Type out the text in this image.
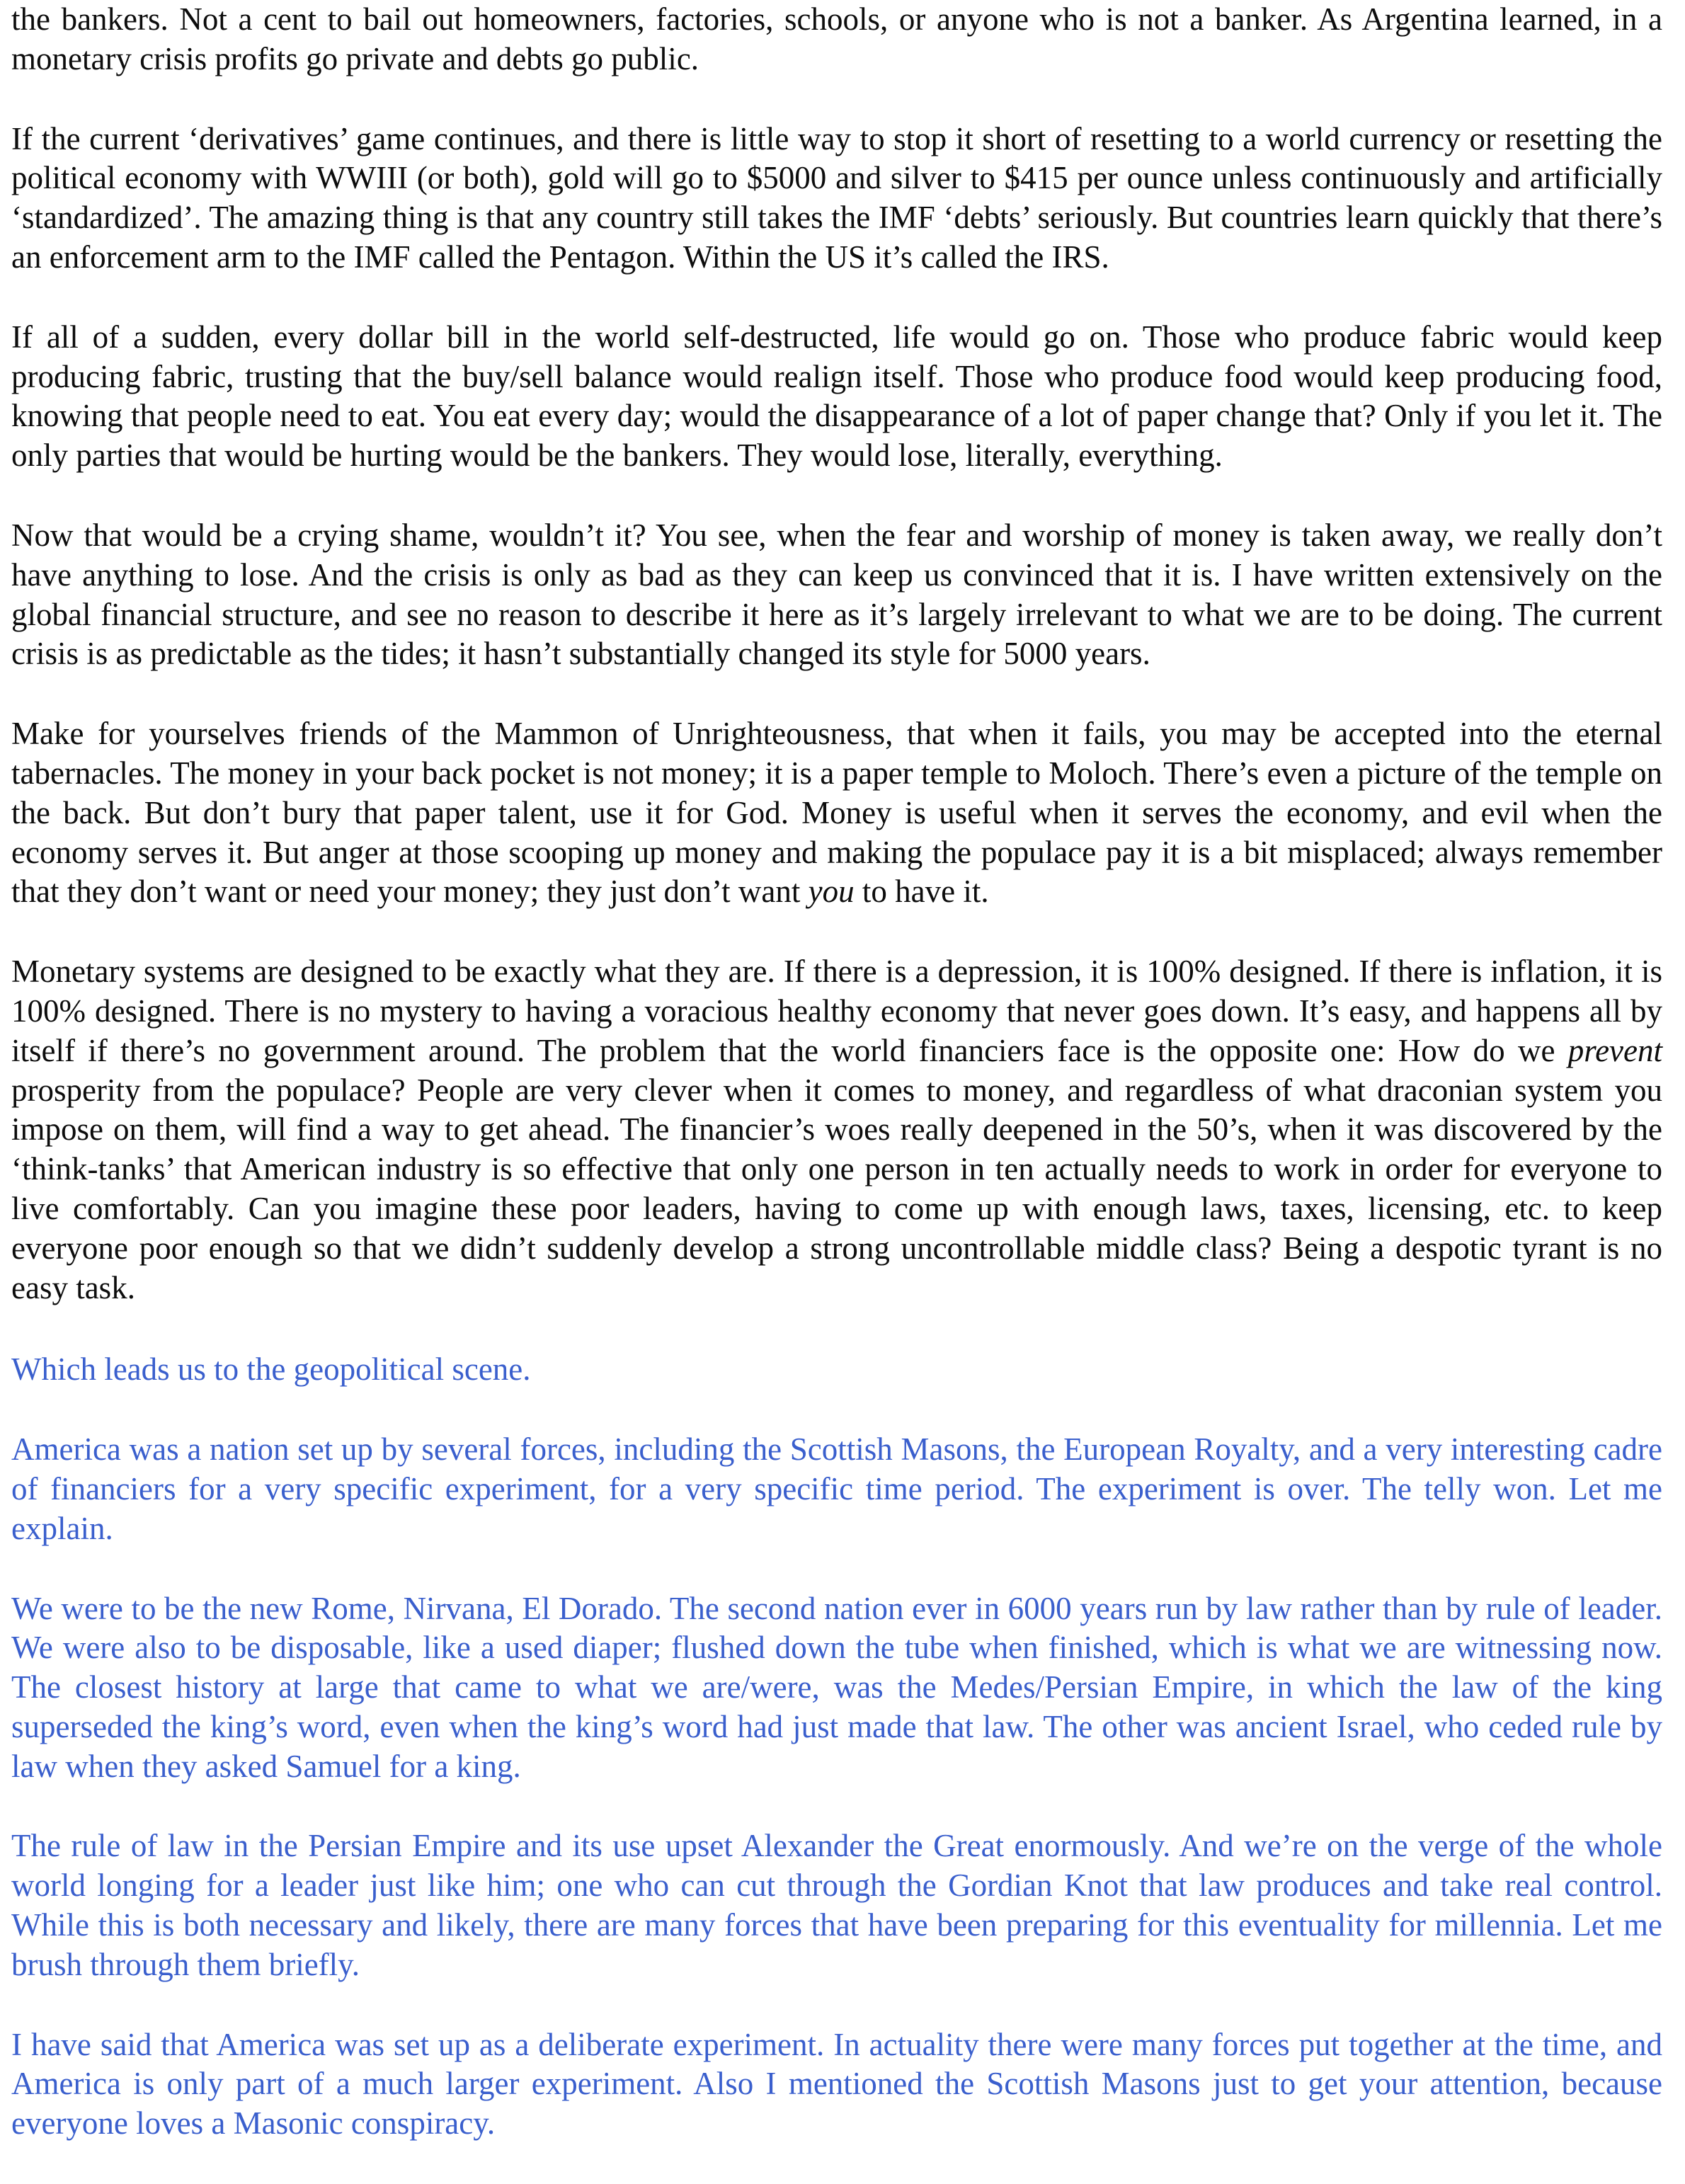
the bankers. Not a cent to bail out homeowners, factories, schools, or anyone who is not a banker. As Argentina learned, in a monetary crisis profits go private and debts go public.

If the current ‘derivatives’ game continues, and there is little way to stop it short of resetting to a world currency or resetting the political economy with WWIII (or both), gold will go to $5000 and silver to $415 per ounce unless continuously and artificially ‘standardized’. The amazing thing is that any country still takes the IMF ‘debts’ seriously. But countries learn quickly that there’s an enforcement arm to the IMF called the Pentagon. Within the US it’s called the IRS.

If all of a sudden, every dollar bill in the world self-destructed, life would go on. Those who produce fabric would keep producing fabric, trusting that the buy/sell balance would realign itself. Those who produce food would keep producing food, knowing that people need to eat. You eat every day; would the disappearance of a lot of paper change that? Only if you let it. The only parties that would be hurting would be the bankers. They would lose, literally, everything.

Now that would be a crying shame, wouldn’t it? You see, when the fear and worship of money is taken away, we really don’t have anything to lose. And the crisis is only as bad as they can keep us convinced that it is. I have written extensively on the global financial structure, and see no reason to describe it here as it’s largely irrelevant to what we are to be doing. The current crisis is as predictable as the tides; it hasn’t substantially changed its style for 5000 years.

Make for yourselves friends of the Mammon of Unrighteousness, that when it fails, you may be accepted into the eternal tabernacles. The money in your back pocket is not money; it is a paper temple to Moloch. There’s even a picture of the temple on the back. But don’t bury that paper talent, use it for God. Money is useful when it serves the economy, and evil when the economy serves it. But anger at those scooping up money and making the populace pay it is a bit misplaced; always remember that they don’t want or need your money; they just don’t want you to have it.

Monetary systems are designed to be exactly what they are. If there is a depression, it is 100% designed. If there is inflation, it is 100% designed. There is no mystery to having a voracious healthy economy that never goes down. It’s easy, and happens all by itself if there’s no government around. The problem that the world financiers face is the opposite one: How do we prevent prosperity from the populace? People are very clever when it comes to money, and regardless of what draconian system you impose on them, will find a way to get ahead. The financier’s woes really deepened in the 50’s, when it was discovered by the ‘think-tanks’ that American industry is so effective that only one person in ten actually needs to work in order for everyone to live comfortably. Can you imagine these poor leaders, having to come up with enough laws, taxes, licensing, etc. to keep everyone poor enough so that we didn’t suddenly develop a strong uncontrollable middle class? Being a despotic tyrant is no easy task.

Which leads us to the geopolitical scene.

America was a nation set up by several forces, including the Scottish Masons, the European Royalty, and a very interesting cadre of financiers for a very specific experiment, for a very specific time period. The experiment is over. The telly won. Let me explain.

We were to be the new Rome, Nirvana, El Dorado. The second nation ever in 6000 years run by law rather than by rule of leader. We were also to be disposable, like a used diaper; flushed down the tube when finished, which is what we are witnessing now. The closest history at large that came to what we are/were, was the Medes/Persian Empire, in which the law of the king superseded the king’s word, even when the king’s word had just made that law. The other was ancient Israel, who ceded rule by law when they asked Samuel for a king.

The rule of law in the Persian Empire and its use upset Alexander the Great enormously. And we’re on the verge of the whole world longing for a leader just like him; one who can cut through the Gordian Knot that law produces and take real control. While this is both necessary and likely, there are many forces that have been preparing for this eventuality for millennia. Let me brush through them briefly.

I have said that America was set up as a deliberate experiment. In actuality there were many forces put together at the time, and America is only part of a much larger experiment. Also I mentioned the Scottish Masons just to get your attention, because everyone loves a Masonic conspiracy.
